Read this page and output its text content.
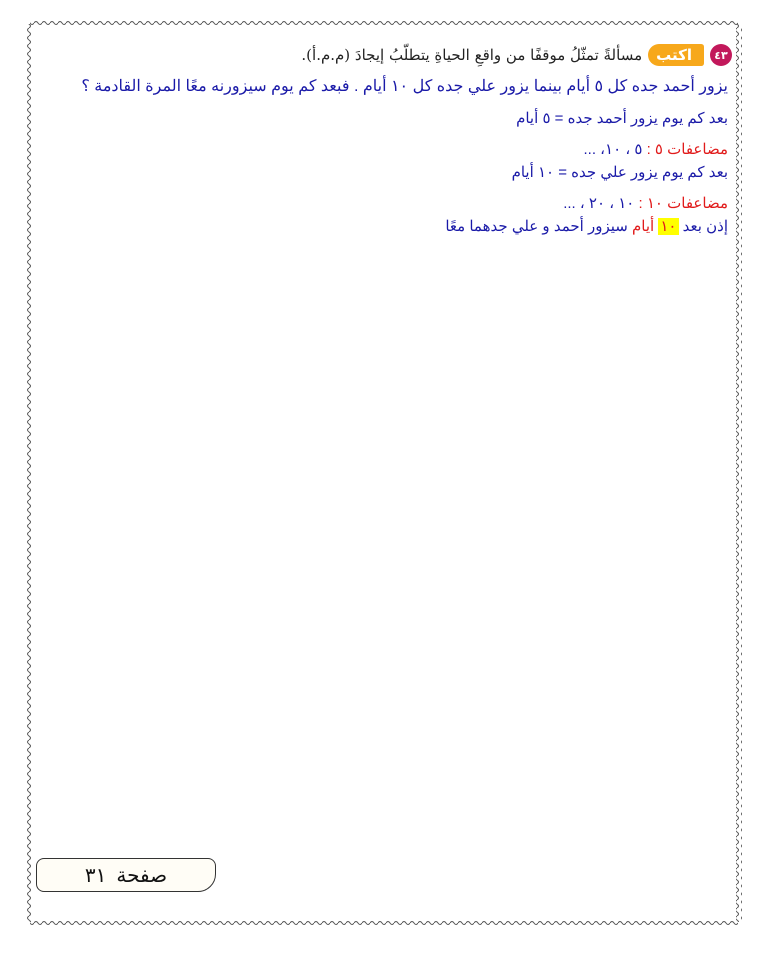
٤٣
اكتب
مسألةً تمثّلُ موقفًا من واقعِ الحياةِ يتطلّبُ إيجادَ (م.م.أ).
يزور أحمد جده كل ٥ أيام بينما يزور علي جده كل ١٠ أيام . فبعد كم يوم سيزورنه معًا المرة القادمة ؟
بعد كم يوم يزور أحمد جده = ٥ أيام
مضاعفات ٥ : ٥ ، ١٠، ...
بعد كم يوم يزور علي جده = ١٠ أيام
مضاعفات ١٠ : ١٠ ، ٢٠ ، ...
إذن بعد ١٠ أيام سيزور أحمد و علي جدهما معًا
صفحة
٣١
